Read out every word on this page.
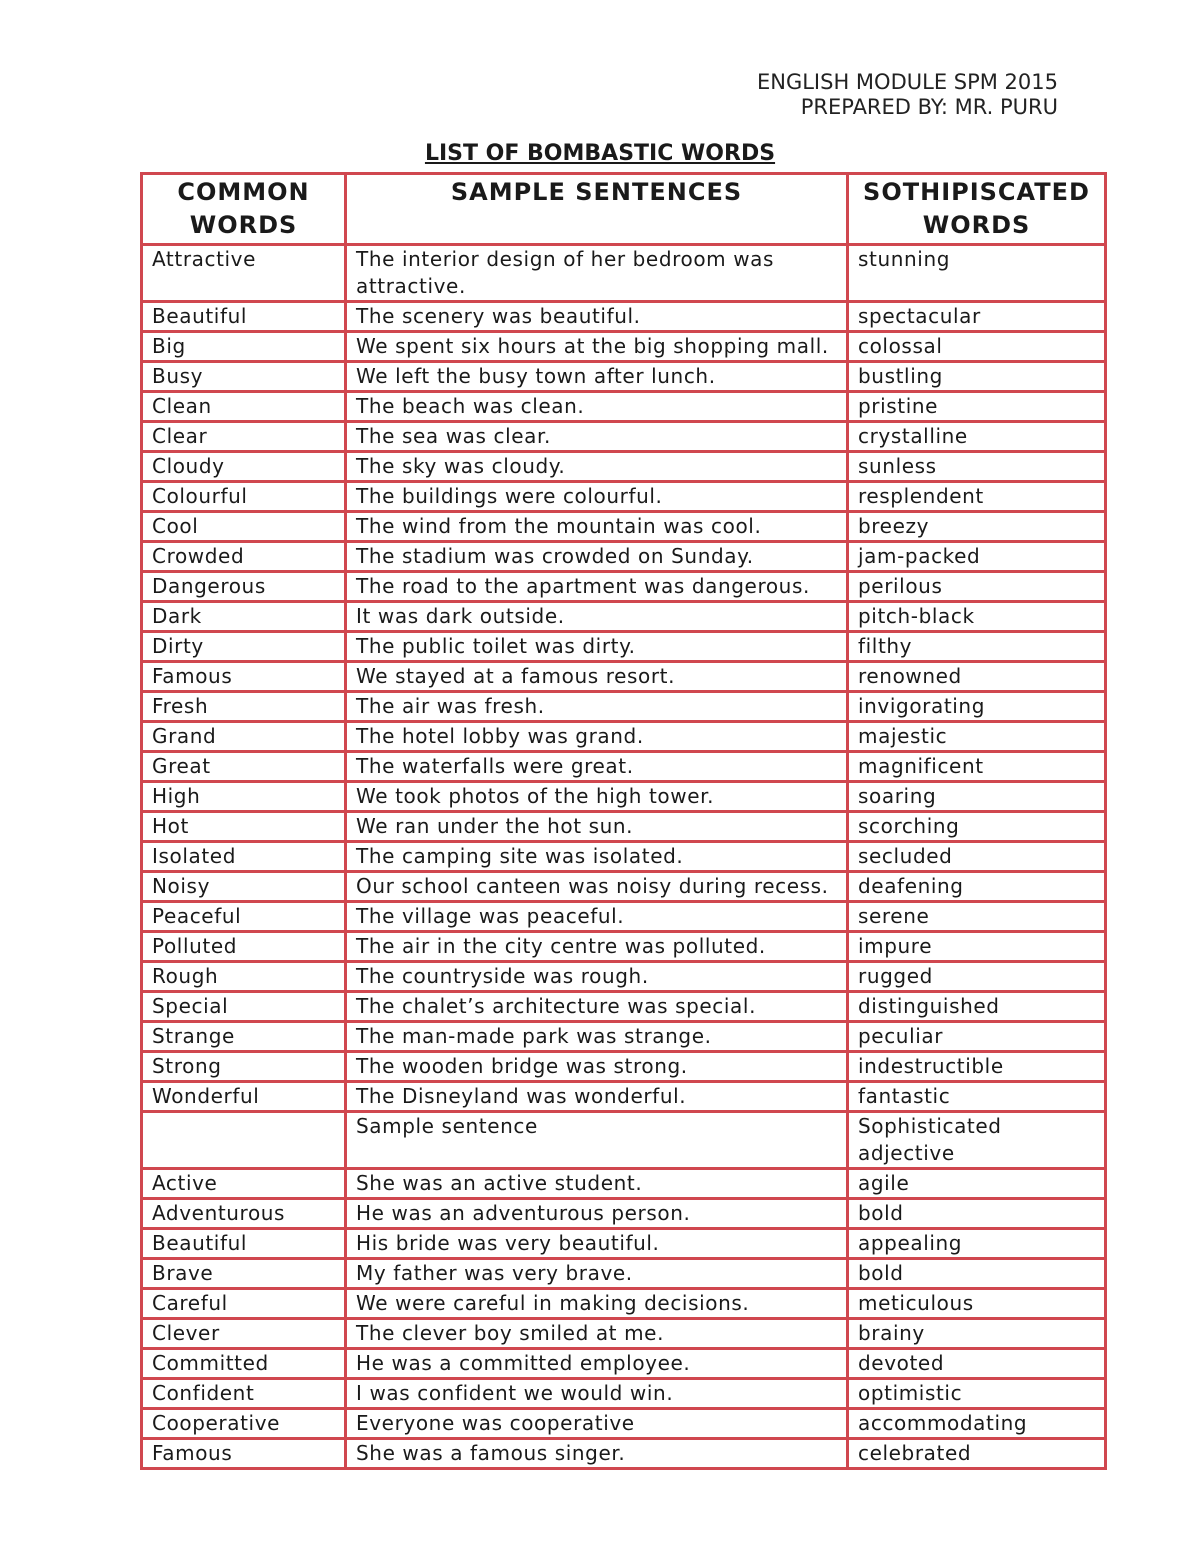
ENGLISH MODULE SPM 2015
PREPARED BY: MR. PURU
LIST OF BOMBASTIC WORDS
COMMON WORDS	SAMPLE SENTENCES	SOTHIPISCATED WORDS
Attractive	The interior design of her bedroom was attractive.	stunning
Beautiful	The scenery was beautiful.	spectacular
Big	We spent six hours at the big shopping mall.	colossal
Busy	We left the busy town after lunch.	bustling
Clean	The beach was clean.	pristine
Clear	The sea was clear.	crystalline
Cloudy	The sky was cloudy.	sunless
Colourful	The buildings were colourful.	resplendent
Cool	The wind from the mountain was cool.	breezy
Crowded	The stadium was crowded on Sunday.	jam-packed
Dangerous	The road to the apartment was dangerous.	perilous
Dark	It was dark outside.	pitch-black
Dirty	The public toilet was dirty.	filthy
Famous	We stayed at a famous resort.	renowned
Fresh	The air was fresh.	invigorating
Grand	The hotel lobby was grand.	majestic
Great	The waterfalls were great.	magnificent
High	We took photos of the high tower.	soaring
Hot	We ran under the hot sun.	scorching
Isolated	The camping site was isolated.	secluded
Noisy	Our school canteen was noisy during recess.	deafening
Peaceful	The village was peaceful.	serene
Polluted	The air in the city centre was polluted.	impure
Rough	The countryside was rough.	rugged
Special	The chalet’s architecture was special.	distinguished
Strange	The man-made park was strange.	peculiar
Strong	The wooden bridge was strong.	indestructible
Wonderful	The Disneyland was wonderful.	fantastic
	Sample sentence	Sophisticated adjective
Active	She was an active student.	agile
Adventurous	He was an adventurous person.	bold
Beautiful	His bride was very beautiful.	appealing
Brave	My father was very brave.	bold
Careful	We were careful in making decisions.	meticulous
Clever	The clever boy smiled at me.	brainy
Committed	He was a committed employee.	devoted
Confident	I was confident we would win.	optimistic
Cooperative	Everyone was cooperative	accommodating
Famous	She was a famous singer.	celebrated
